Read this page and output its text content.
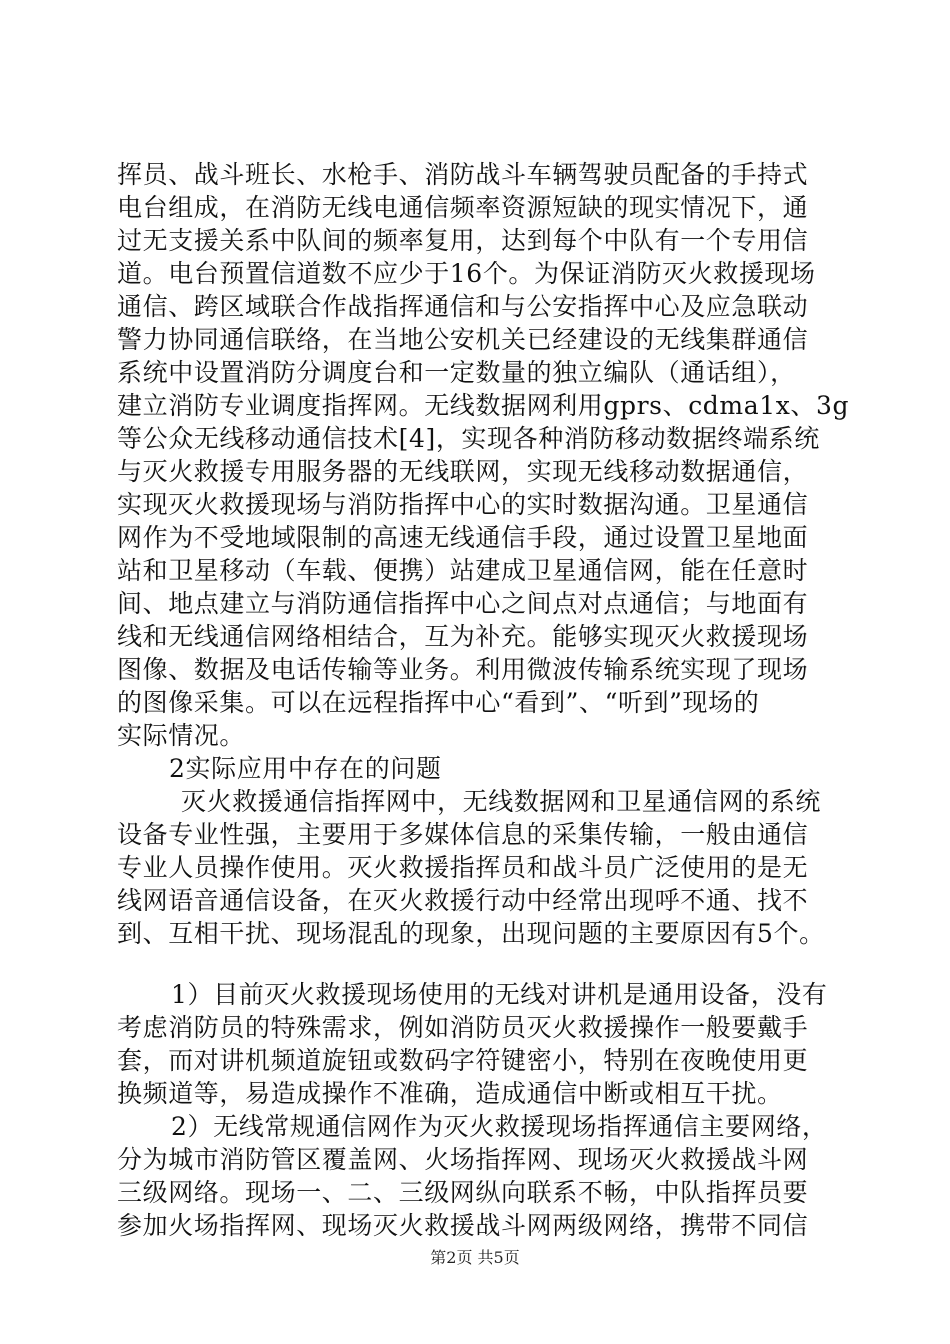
挥员、战斗班长、水枪手、消防战斗车辆驾驶员配备的手持式
电台组成，在消防无线电通信频率资源短缺的现实情况下，通
过无支援关系中队间的频率复用，达到每个中队有一个专用信
道。电台预置信道数不应少于16个。为保证消防灭火救援现场
通信、跨区域联合作战指挥通信和与公安指挥中心及应急联动
警力协同通信联络，在当地公安机关已经建设的无线集群通信
系统中设置消防分调度台和一定数量的独立编队（通话组），
建立消防专业调度指挥网。无线数据网利用gprs、cdma1x、3g
等公众无线移动通信技术[4]，实现各种消防移动数据终端系统
与灭火救援专用服务器的无线联网，实现无线移动数据通信，
实现灭火救援现场与消防指挥中心的实时数据沟通。卫星通信
网作为不受地域限制的高速无线通信手段，通过设置卫星地面
站和卫星移动（车载、便携）站建成卫星通信网，能在任意时
间、地点建立与消防通信指挥中心之间点对点通信；与地面有
线和无线通信网络相结合，互为补充。能够实现灭火救援现场
图像、数据及电话传输等业务。利用微波传输系统实现了现场
的图像采集。可以在远程指挥中心“看到”、“听到”现场的
实际情况。
2实际应用中存在的问题
灭火救援通信指挥网中，无线数据网和卫星通信网的系统
设备专业性强，主要用于多媒体信息的采集传输，一般由通信
专业人员操作使用。灭火救援指挥员和战斗员广泛使用的是无
线网语音通信设备，在灭火救援行动中经常出现呼不通、找不
到、互相干扰、现场混乱的现象，出现问题的主要原因有5个。
1）目前灭火救援现场使用的无线对讲机是通用设备，没有
考虑消防员的特殊需求，例如消防员灭火救援操作一般要戴手
套，而对讲机频道旋钮或数码字符键密小，特别在夜晚使用更
换频道等，易造成操作不准确，造成通信中断或相互干扰。
2）无线常规通信网作为灭火救援现场指挥通信主要网络，
分为城市消防管区覆盖网、火场指挥网、现场灭火救援战斗网
三级网络。现场一、二、三级网纵向联系不畅，中队指挥员要
参加火场指挥网、现场灭火救援战斗网两级网络，携带不同信
第2页 共5页
